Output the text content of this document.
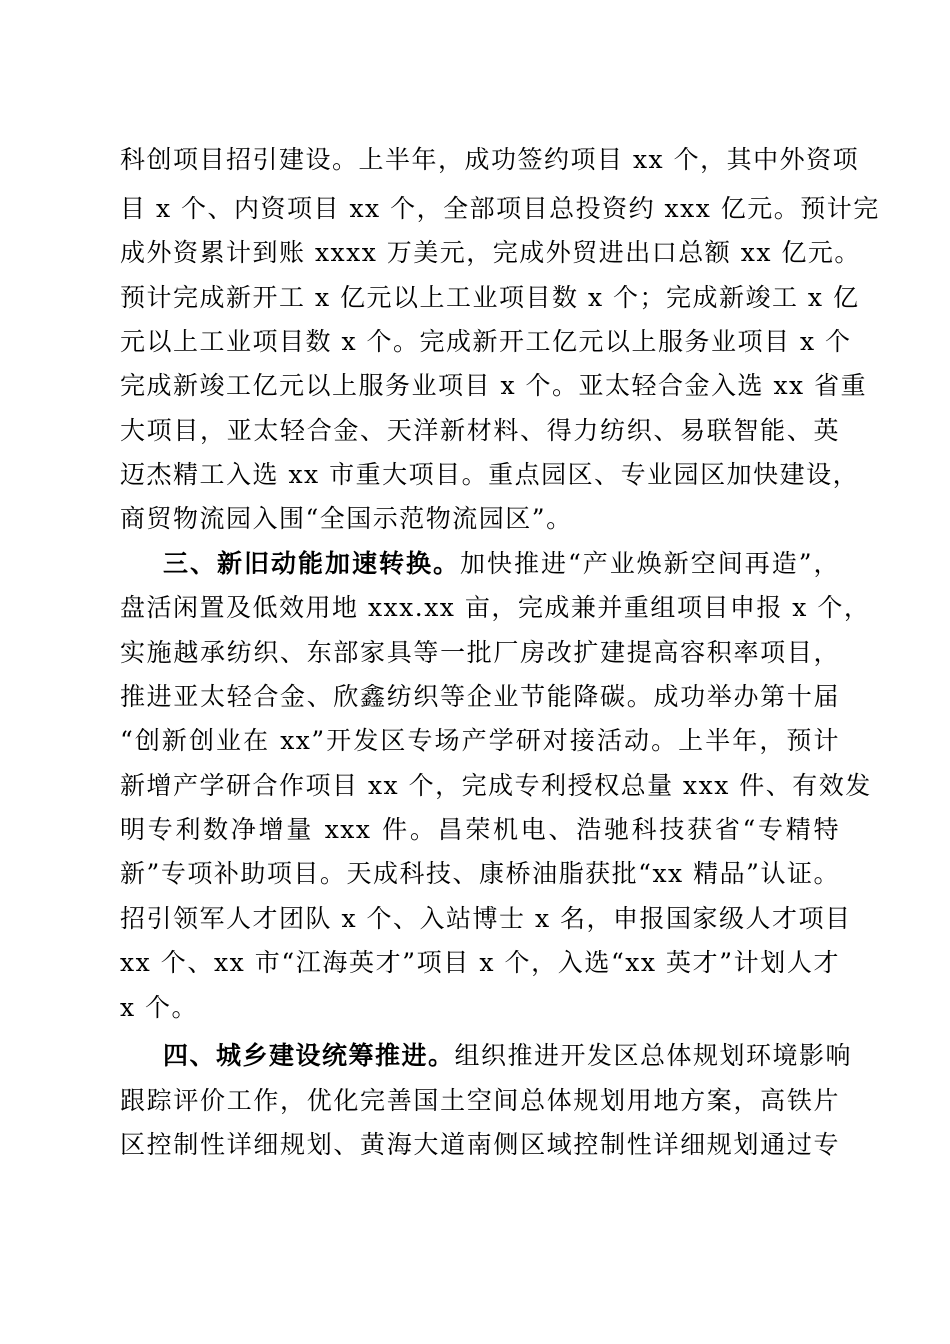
科创项目招引建设。上半年，成功签约项目 xx 个，其中外资项
目 x 个、内资项目 xx 个，全部项目总投资约 xxx 亿元。预计完
成外资累计到账 xxxx 万美元，完成外贸进出口总额 xx 亿元。
预计完成新开工 x 亿元以上工业项目数 x 个；完成新竣工 x 亿
元以上工业项目数 x 个。完成新开工亿元以上服务业项目 x 个
完成新竣工亿元以上服务业项目 x 个。亚太轻合金入选 xx 省重
大项目，亚太轻合金、天洋新材料、得力纺织、易联智能、英
迈杰精工入选 xx 市重大项目。重点园区、专业园区加快建设，
商贸物流园入围“全国示范物流园区”。
三、新旧动能加速转换。加快推进“产业焕新空间再造”，
盘活闲置及低效用地 xxx.xx 亩，完成兼并重组项目申报 x 个，
实施越承纺织、东部家具等一批厂房改扩建提高容积率项目，
推进亚太轻合金、欣鑫纺织等企业节能降碳。成功举办第十届
“创新创业在 xx”开发区专场产学研对接活动。上半年，预计
新增产学研合作项目 xx 个，完成专利授权总量 xxx 件、有效发
明专利数净增量 xxx 件。昌荣机电、浩驰科技获省“专精特
新”专项补助项目。天成科技、康桥油脂获批“xx 精品”认证。
招引领军人才团队 x 个、入站博士 x 名，申报国家级人才项目
xx 个、xx 市“江海英才”项目 x 个，入选“xx 英才”计划人才
x 个。
四、城乡建设统筹推进。组织推进开发区总体规划环境影响
跟踪评价工作，优化完善国土空间总体规划用地方案，高铁片
区控制性详细规划、黄海大道南侧区域控制性详细规划通过专
